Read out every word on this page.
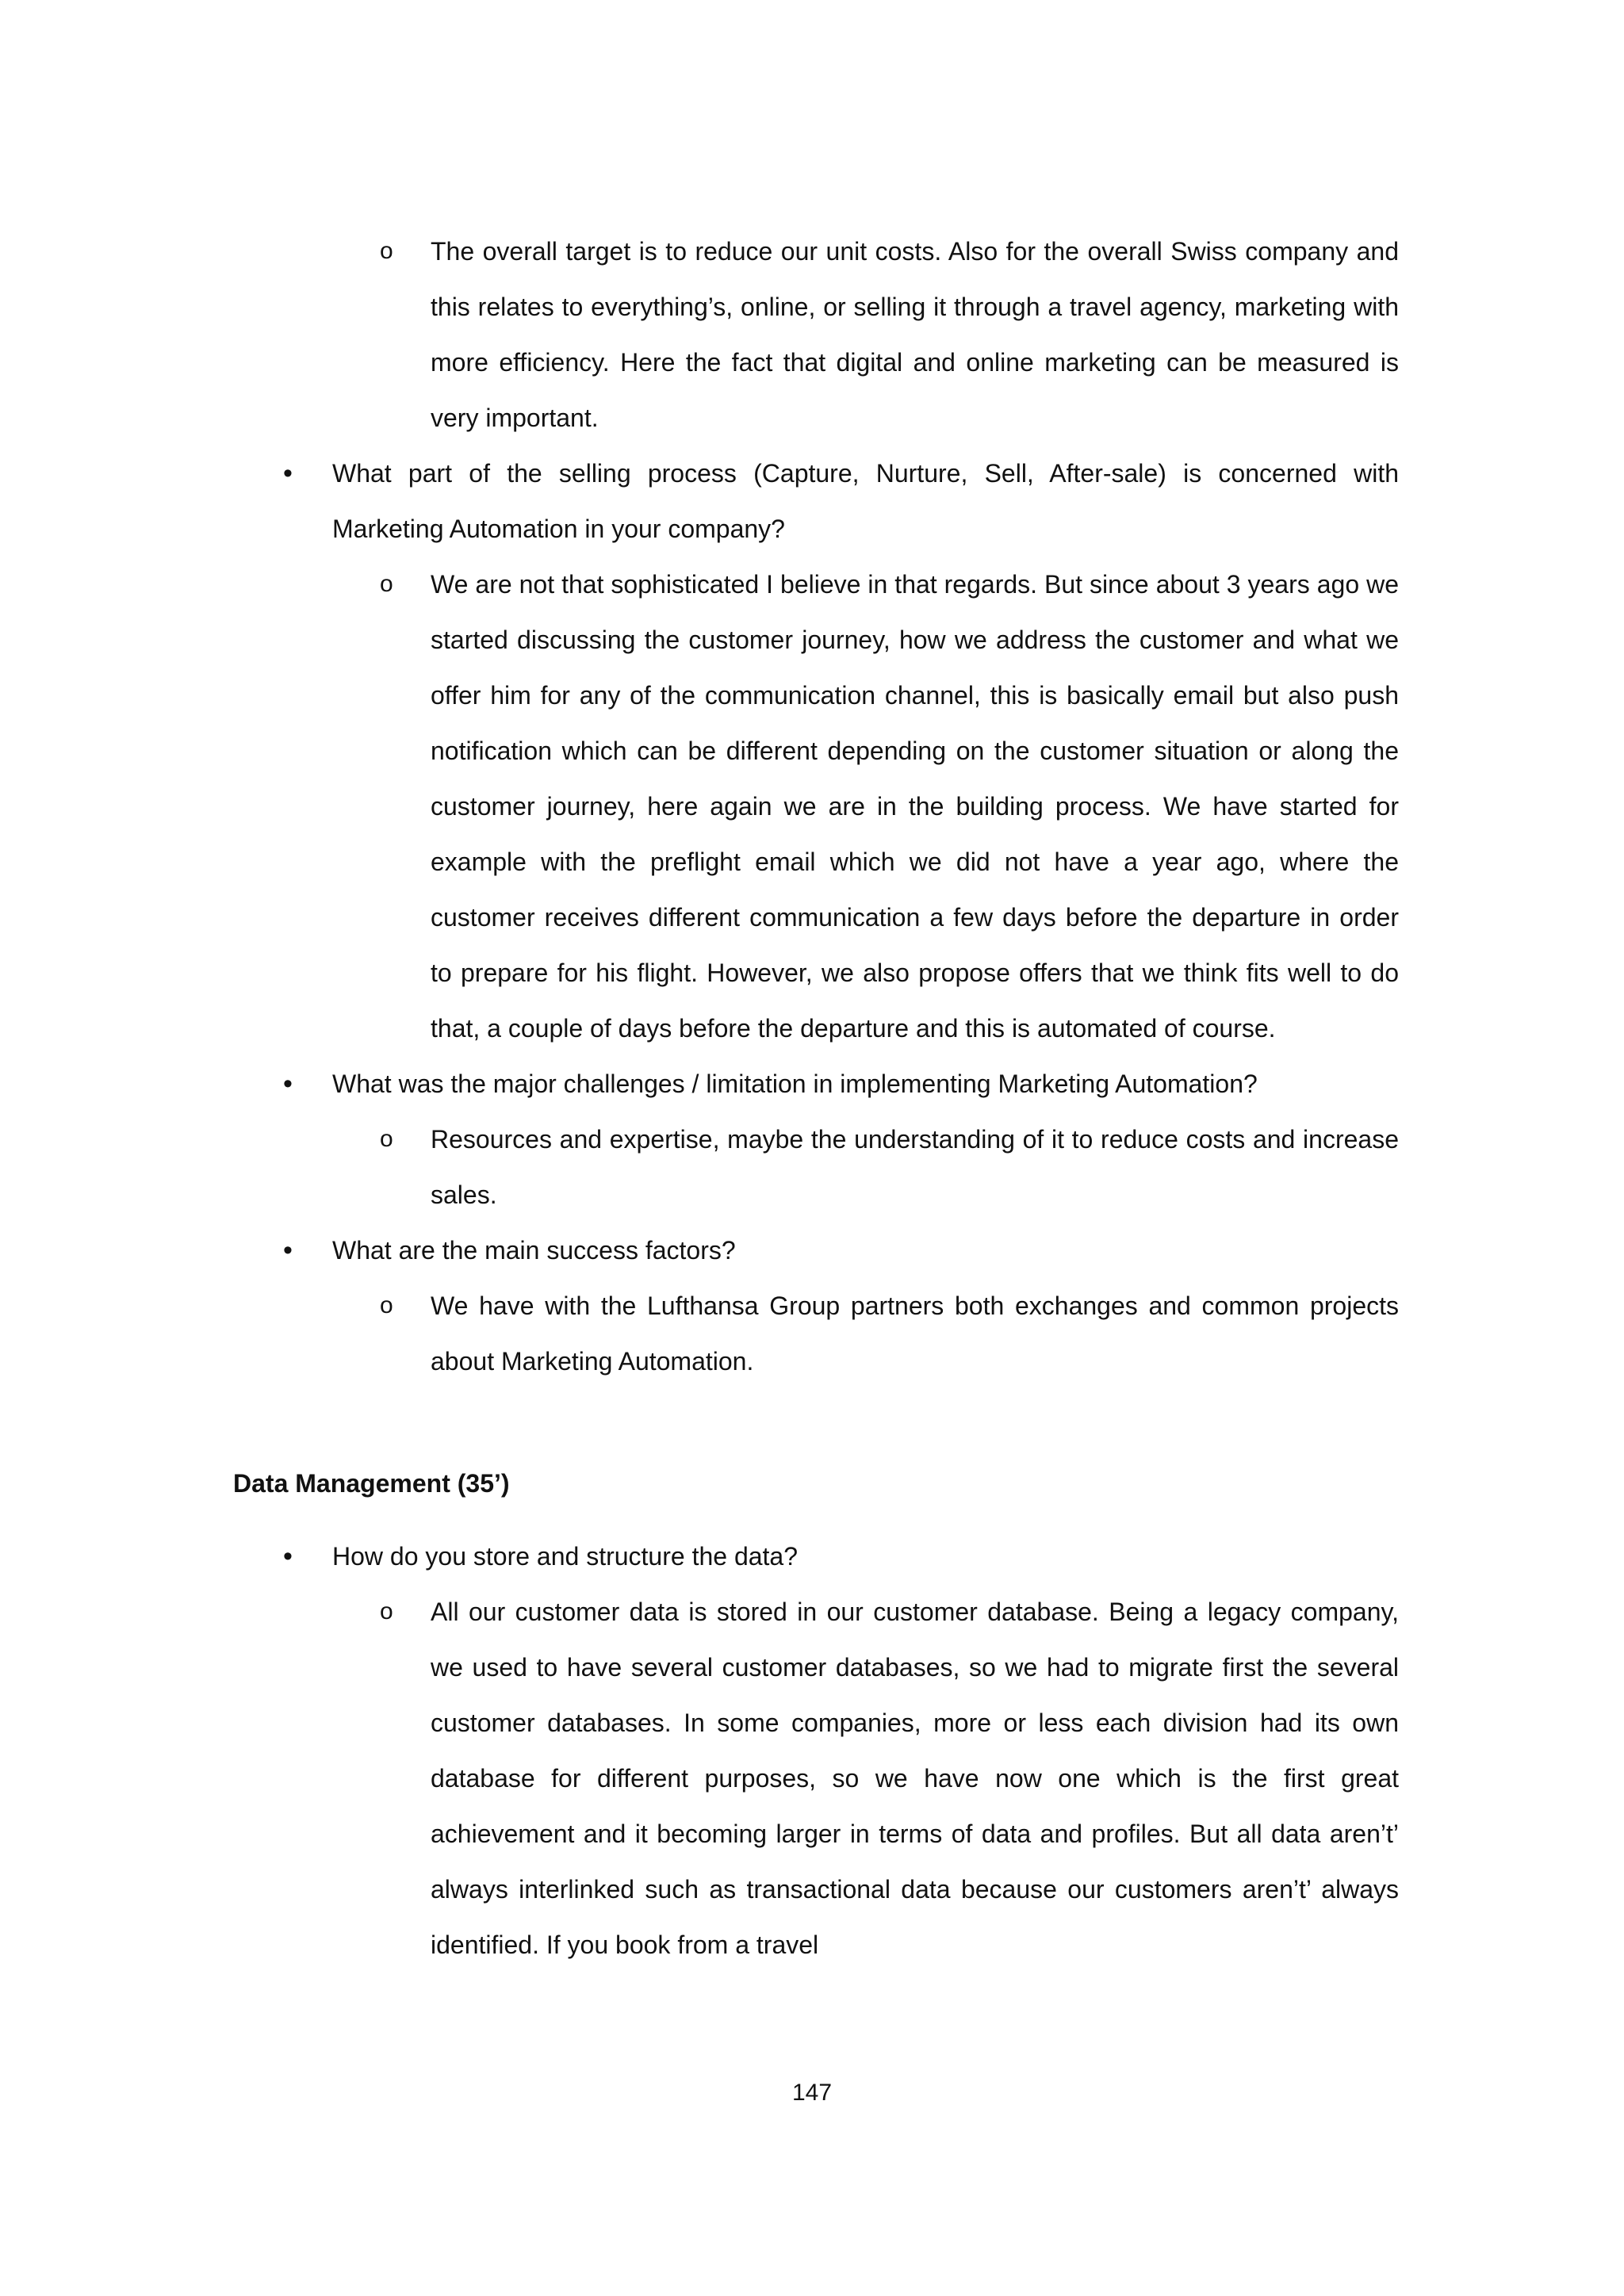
o	The overall target is to reduce our unit costs. Also for the overall Swiss company and this relates to everything’s, online, or selling it through a travel agency, marketing with more efficiency. Here the fact that digital and online marketing can be measured is very important.
•	What part of the selling process (Capture, Nurture, Sell, After-sale) is concerned with Marketing Automation in your company?
o	We are not that sophisticated I believe in that regards. But since about 3 years ago we started discussing the customer journey, how we address the customer and what we offer him for any of the communication channel, this is basically email but also push notification which can be different depending on the customer situation or along the customer journey, here again we are in the building process. We have started for example with the preflight email which we did not have a year ago, where the customer receives different communication a few days before the departure in order to prepare for his flight. However, we also propose offers that we think fits well to do that, a couple of days before the departure and this is automated of course.
•	What was the major challenges / limitation in implementing Marketing Automation?
o	Resources and expertise, maybe the understanding of it to reduce costs and increase sales.
•	What are the main success factors?
o	We have with the Lufthansa Group partners both exchanges and common projects about Marketing Automation.
Data Management (35’)
•	How do you store and structure the data?
o	All our customer data is stored in our customer database. Being a legacy company, we used to have several customer databases, so we had to migrate first the several customer databases. In some companies, more or less each division had its own database for different purposes, so we have now one which is the first great achievement and it becoming larger in terms of data and profiles. But all data aren’t’ always interlinked such as transactional data because our customers aren’t’ always identified. If you book from a travel
147
